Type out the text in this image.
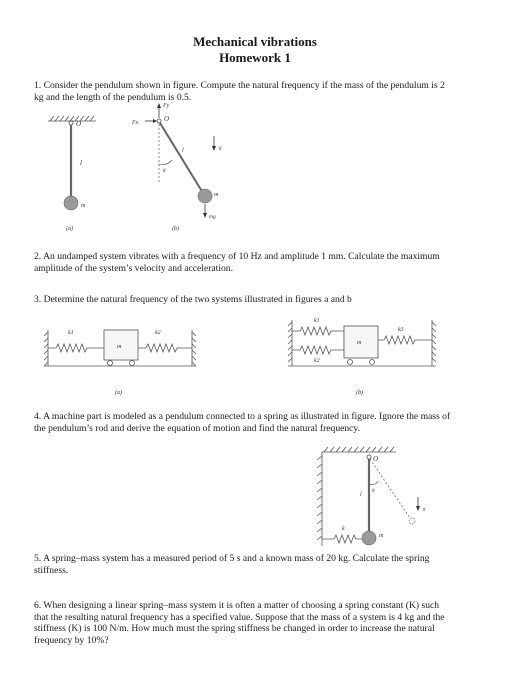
Mechanical vibrations
Homework 1
1. Consider the pendulum shown in figure. Compute the natural frequency if the mass of the pendulum is 2 kg and the length of the pendulum is 0.5.
O
l
m
Fy
Fx	O
θ
l
m
mg
g
(a)	(b)
k1	k2
m
k1
k2
k3
m
(a)	(b)
O
θ
l
k
m
g
2. An undamped system vibrates with a frequency of 10 Hz and amplitude 1 mm. Calculate the maximum amplitude of the system’s velocity and acceleration.
3. Determine the natural frequency of the two systems illustrated in figures a and b
4. A machine part is modeled as a pendulum connected to a spring as illustrated in figure. Ignore the mass of the pendulum’s rod and derive the equation of motion and find the natural frequency.
5. A spring–mass system has a measured period of 5 s and a known mass of 20 kg. Calculate the spring stiffness.
6. When designing a linear spring–mass system it is often a matter of choosing a spring constant (K) such that the resulting natural frequency has a specified value. Suppose that the mass of a system is 4 kg and the stiffness (K) is 100 N/m. How much must the spring stiffness be changed in order to increase the natural frequency by 10%?
